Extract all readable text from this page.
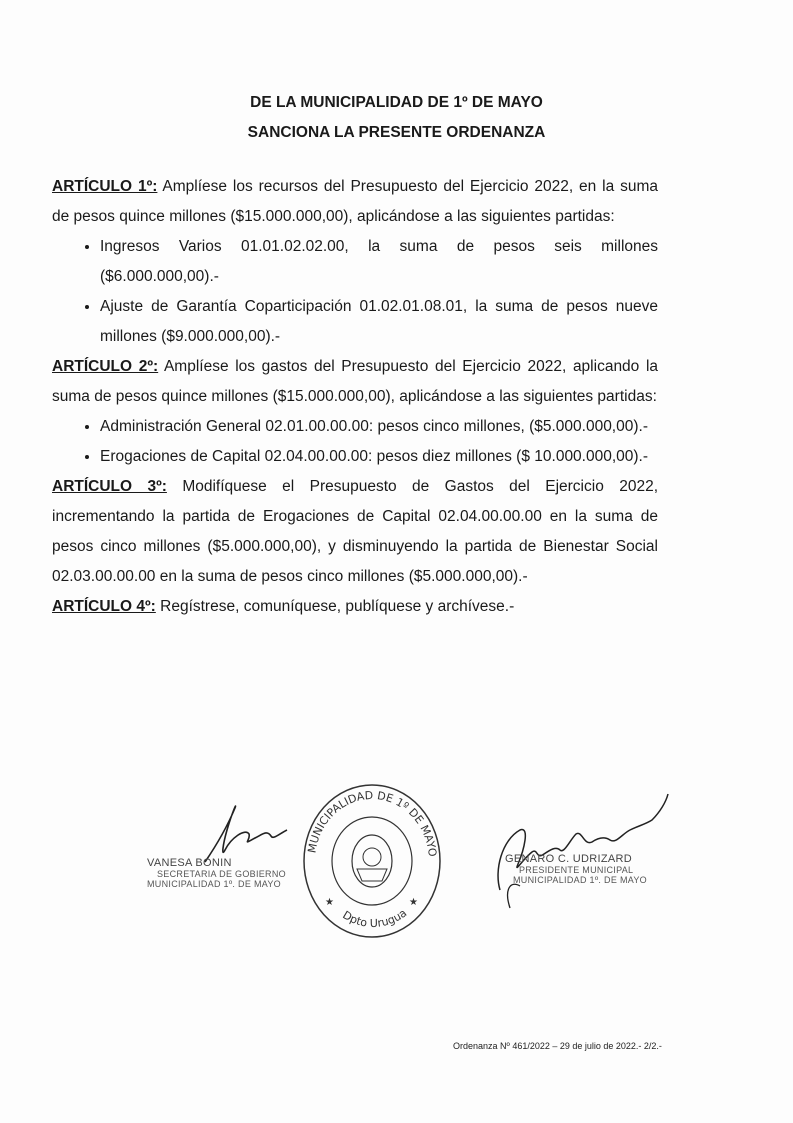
DE LA MUNICIPALIDAD DE 1º DE MAYO
SANCIONA LA PRESENTE ORDENANZA

ARTÍCULO 1º: Amplíese los recursos del Presupuesto del Ejercicio 2022, en la suma de pesos quince millones ($15.000.000,00), aplicándose a las siguientes partidas:

• Ingresos Varios 01.01.02.02.00, la suma de pesos seis millones ($6.000.000,00).-
• Ajuste de Garantía Coparticipación 01.02.01.08.01, la suma de pesos nueve millones ($9.000.000,00).-

ARTÍCULO 2º: Amplíese los gastos del Presupuesto del Ejercicio 2022, aplicando la suma de pesos quince millones ($15.000.000,00), aplicándose a las siguientes partidas:

• Administración General 02.01.00.00.00: pesos cinco millones, ($5.000.000,00).-
• Erogaciones de Capital 02.04.00.00.00: pesos diez millones ($ 10.000.000,00).-

ARTÍCULO 3º: Modifíquese el Presupuesto de Gastos del Ejercicio 2022, incrementando la partida de Erogaciones de Capital 02.04.00.00.00 en la suma de pesos cinco millones ($5.000.000,00), y disminuyendo la partida de Bienestar Social 02.03.00.00.00 en la suma de pesos cinco millones ($5.000.000,00).-

ARTÍCULO 4º: Regístrese, comuníquese, publíquese y archívese.-

VANESA BONIN
SECRETARIA DE GOBIERNO
MUNICIPALIDAD 1º. DE MAYO
MUNICIPALIDAD DE 1º DE MAYO
Dpto Urugua
★	★
GENARO C. UDRIZARD
PRESIDENTE MUNICIPAL
MUNICIPALIDAD 1º. DE MAYO
Ordenanza Nº 461/2022 – 29 de julio de 2022.- 2/2.-
